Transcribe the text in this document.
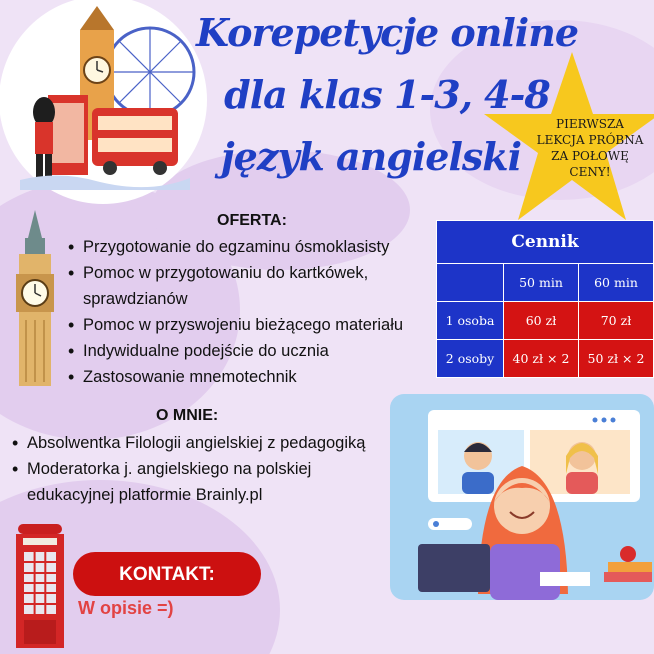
Korepetycje online
dla klas 1-3, 4-8
język angielski
PIERWSZA
LEKCJA PRÓBNA
ZA POŁOWĘ
CENY!
OFERTA:
• Przygotowanie do egzaminu ósmoklasisty
• Pomoc w przygotowaniu do kartkówek, sprawdzianów
• Pomoc w przyswojeniu bieżącego materiału
• Indywidualne podejście do ucznia
• Zastosowanie mnemotechnik
Cennik		
	50 min	60 min
1 osoba	60 zł	70 zł
2 osoby	40 zł × 2	50 zł × 2
O MNIE:
• Absolwentka Filologii angielskiej z pedagogiką
• Moderatorka j. angielskiego na polskiej edukacyjnej platformie Brainly.pl
KONTAKT:
W opisie =)
